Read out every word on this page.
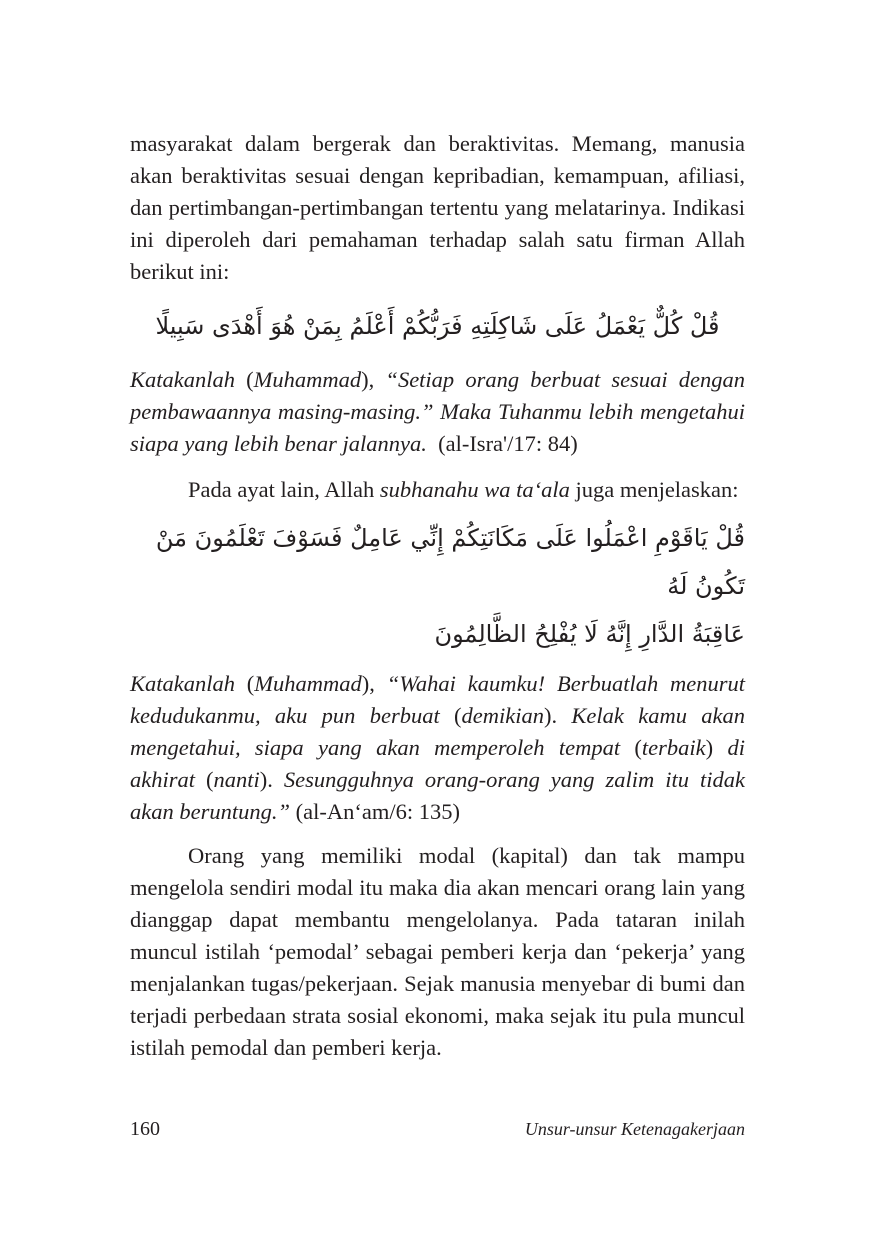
masyarakat dalam bergerak dan beraktivitas. Memang, manusia akan beraktivitas sesuai dengan kepribadian, kemampuan, afiliasi, dan pertimbangan-pertimbangan tertentu yang melatarinya. Indikasi ini diperoleh dari pemahaman terhadap salah satu firman Allah berikut ini:

قُلْ كُلٌّ يَعْمَلُ عَلَى شَاكِلَتِهِ فَرَبُّكُمْ أَعْلَمُ بِمَنْ هُوَ أَهْدَى سَبِيلًا

Katakanlah (Muhammad), “Setiap orang berbuat sesuai dengan pembawaannya masing-masing.” Maka Tuhanmu lebih mengetahui siapa yang lebih benar jalannya. (al-Isra'/17: 84)

Pada ayat lain, Allah subhanahu wa ta‘ala juga menjelaskan:

قُلْ يَاقَوْمِ اعْمَلُوا عَلَى مَكَانَتِكُمْ إِنِّي عَامِلٌ فَسَوْفَ تَعْلَمُونَ مَنْ تَكُونُ لَهُ
عَاقِبَةُ الدَّارِ إِنَّهُ لَا يُفْلِحُ الظَّالِمُونَ

Katakanlah (Muhammad), “Wahai kaumku! Berbuatlah menurut kedudukanmu, aku pun berbuat (demikian). Kelak kamu akan mengetahui, siapa yang akan memperoleh tempat (terbaik) di akhirat (nanti). Sesungguhnya orang-orang yang zalim itu tidak akan beruntung.” (al-An‘am/6: 135)

Orang yang memiliki modal (kapital) dan tak mampu mengelola sendiri modal itu maka dia akan mencari orang lain yang dianggap dapat membantu mengelolanya. Pada tataran inilah muncul istilah ‘pemodal’ sebagai pemberi kerja dan ‘pekerja’ yang menjalankan tugas/pekerjaan. Sejak manusia menyebar di bumi dan terjadi perbedaan strata sosial ekonomi, maka sejak itu pula muncul istilah pemodal dan pemberi kerja.

160	Unsur-unsur Ketenagakerjaan
